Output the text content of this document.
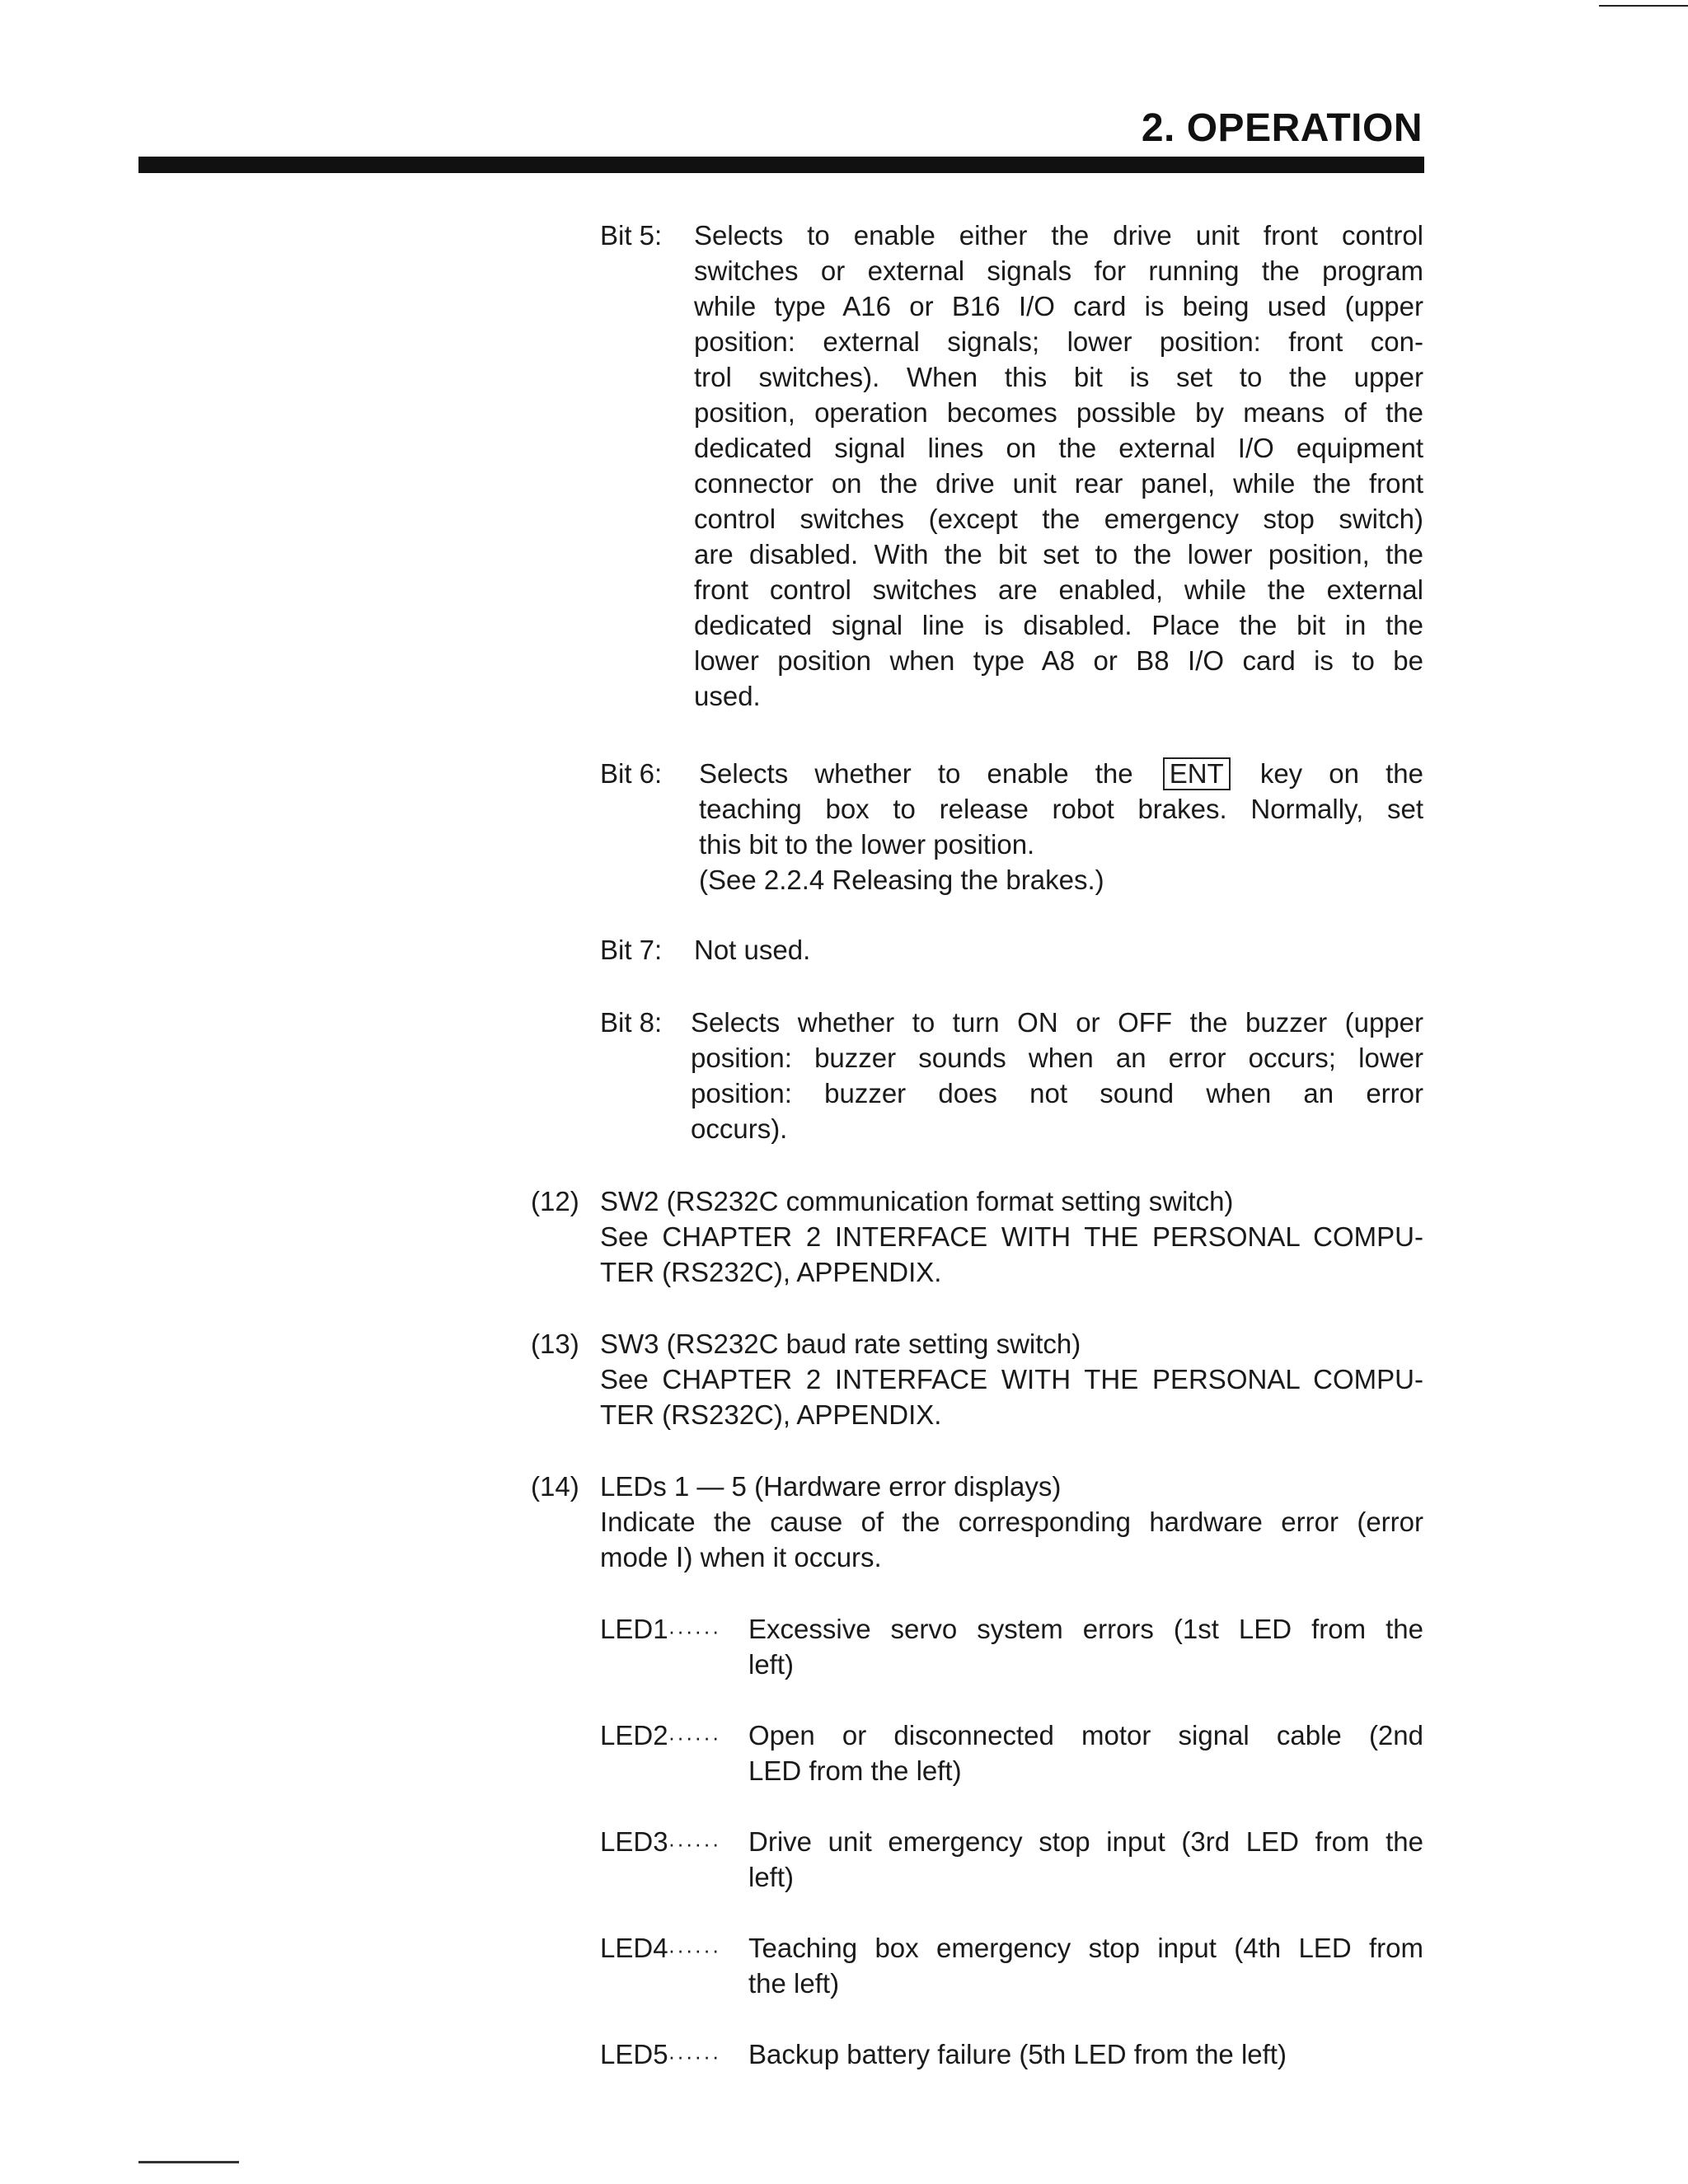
2. OPERATION
Bit 5: Selects to enable either the drive unit front control
switches or external signals for running the program
while type A16 or B16 I/O card is being used (upper
position: external signals; lower position: front con-
trol switches). When this bit is set to the upper
position, operation becomes possible by means of the
dedicated signal lines on the external I/O equipment
connector on the drive unit rear panel, while the front
control switches (except the emergency stop switch)
are disabled. With the bit set to the lower position, the
front control switches are enabled, while the external
dedicated signal line is disabled. Place the bit in the
lower position when type A8 or B8 I/O card is to be
used.
Bit 6: Selects whether to enable the ENT key on the
teaching box to release robot brakes. Normally, set
this bit to the lower position.
(See 2.2.4 Releasing the brakes.)
Bit 7: Not used.
Bit 8: Selects whether to turn ON or OFF the buzzer (upper
position: buzzer sounds when an error occurs; lower
position: buzzer does not sound when an error
occurs).
(12) SW2 (RS232C communication format setting switch)
See CHAPTER 2 INTERFACE WITH THE PERSONAL COMPU-
TER (RS232C), APPENDIX.
(13) SW3 (RS232C baud rate setting switch)
See CHAPTER 2 INTERFACE WITH THE PERSONAL COMPU-
TER (RS232C), APPENDIX.
(14) LEDs 1 — 5 (Hardware error displays)
Indicate the cause of the corresponding hardware error (error
mode Ⅰ) when it occurs.
LED1······ Excessive servo system errors (1st LED from the
left)
LED2······ Open or disconnected motor signal cable (2nd
LED from the left)
LED3······ Drive unit emergency stop input (3rd LED from the
left)
LED4······ Teaching box emergency stop input (4th LED from
the left)
LED5······ Backup battery failure (5th LED from the left)
